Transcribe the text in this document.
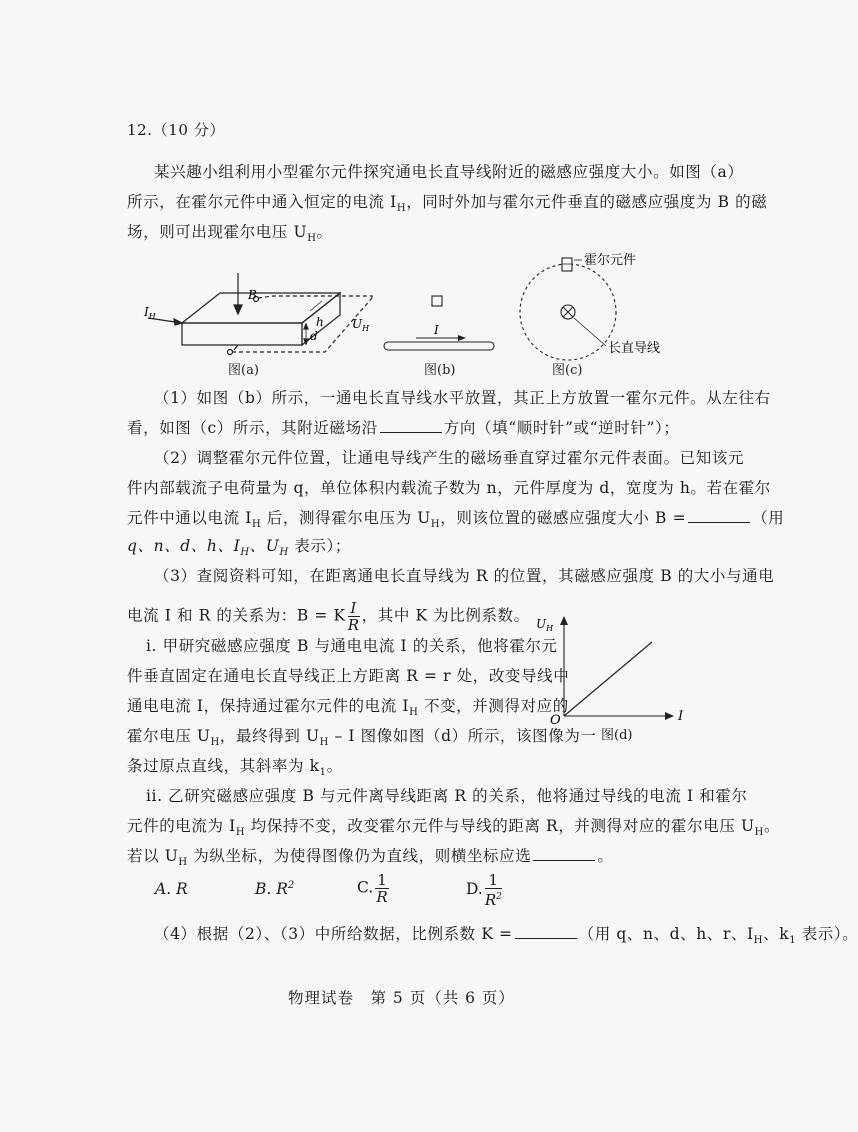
12.（10 分）
某兴趣小组利用小型霍尔元件探究通电长直导线附近的磁感应强度大小。如图（a）
所示，在霍尔元件中通入恒定的电流 $I_H$，同时外加与霍尔元件垂直的磁感应强度为 B 的磁
场，则可出现霍尔电压 $U_H$。
$I_H$
B
h
d
$U_H$
图(a)
I
图(b)
霍尔元件
长直导线
图(c)
（1）如图（b）所示，一通电长直导线水平放置，其正上方放置一霍尔元件。从左往右
看，如图（c）所示，其附近磁场沿	方向（填“顺时针”或“逆时针”）；
（2）调整霍尔元件位置，让通电导线产生的磁场垂直穿过霍尔元件表面。已知该元
件内部载流子电荷量为 q，单位体积内载流子数为 n，元件厚度为 d，宽度为 h。若在霍尔
元件中通以电流 $I_H$ 后，测得霍尔电压为 $U_H$，则该位置的磁感应强度大小 B =	（用
q、n、d、h、$I_H$、$U_H$ 表示）；
（3）查阅资料可知，在距离通电长直导线为 R 的位置，其磁感应强度 B 的大小与通电
电流 I 和 R 的关系为：B = K $\frac{I}{R}$ ，其中 K 为比例系数。
i. 甲研究磁感应强度 B 与通电电流 I 的关系，他将霍尔元
件垂直固定在通电长直导线正上方距离 R = r 处，改变导线中
通电电流 I，保持通过霍尔元件的电流 $I_H$ 不变，并测得对应的
霍尔电压 $U_H$，最终得到 $U_H$ – I 图像如图（d）所示，该图像为一
条过原点直线，其斜率为 $k_1$。
$U_H$
I
O
图(d)
ii. 乙研究磁感应强度 B 与元件离导线距离 R 的关系，他将通过导线的电流 I 和霍尔
元件的电流为 $I_H$ 均保持不变，改变霍尔元件与导线的距离 R，并测得对应的霍尔电压 $U_H$。
若以 $U_H$ 为纵坐标，为使得图像仍为直线，则横坐标应选	。
A. R	B. $R^2$	C. $\frac{1}{R}$	D. $\frac{1}{R^2}$
（4）根据（2）、（3）中所给数据，比例系数 K =	（用 q、n、d、h、r、$I_H$、$k_1$ 表示）。
物理试卷　第 5 页（共 6 页）
